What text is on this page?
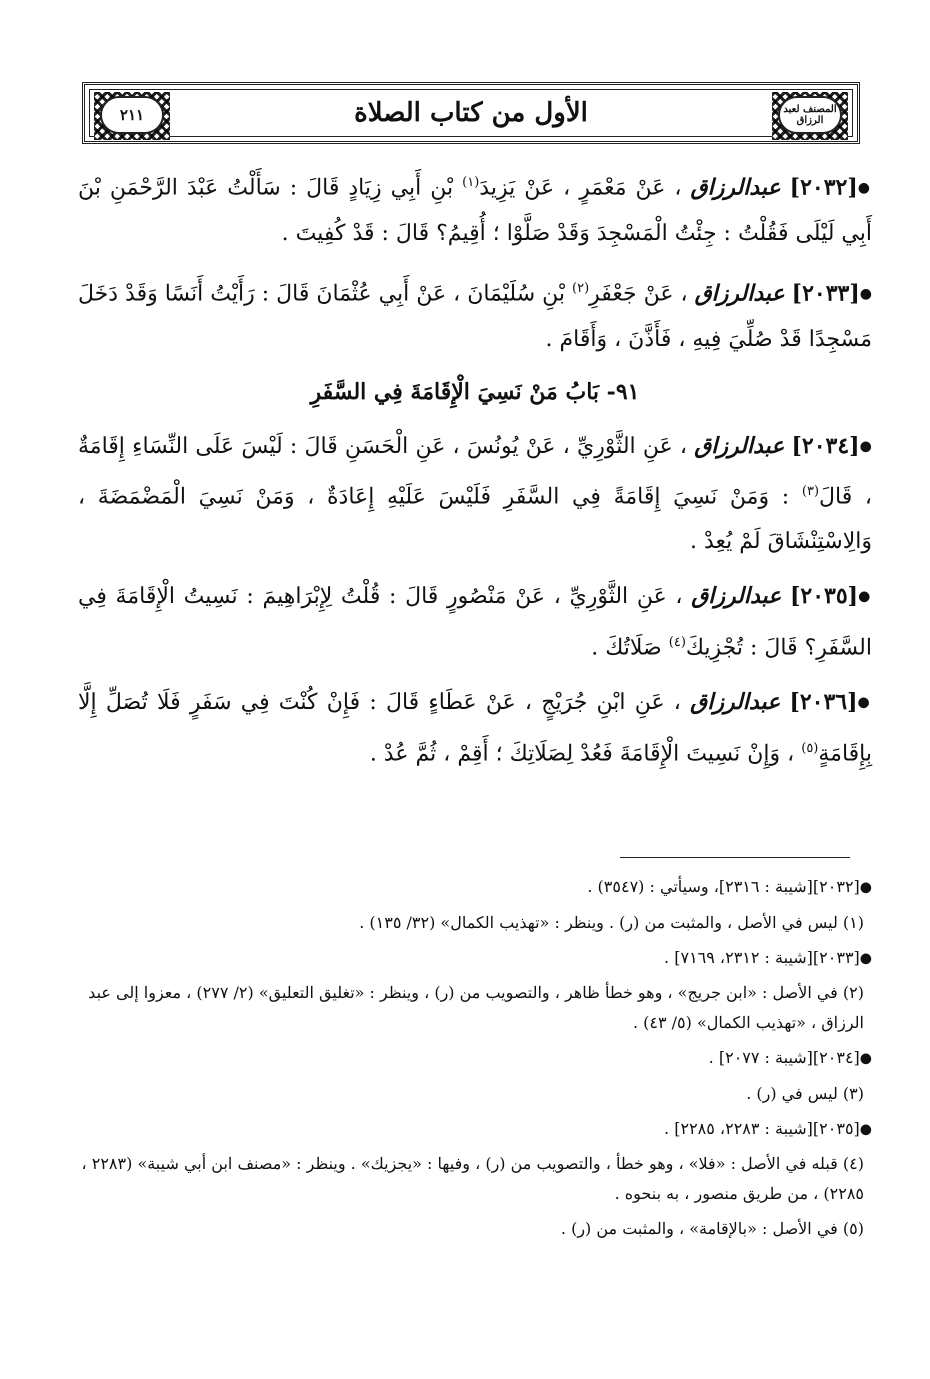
٢١١	المصنف لعبد الرزاق
الأول من كتاب الصلاة

●[٢٠٣٢] عبدالرزاق ، عَنْ مَعْمَرٍ ، عَنْ يَزِيدَ$^{(١)}$ بْنِ أَبِي زِيَادٍ قَالَ : سَأَلْتُ عَبْدَ الرَّحْمَنِ بْنَ أَبِي لَيْلَى فَقُلْتُ : جِئْتُ الْمَسْجِدَ وَقَدْ صَلَّوْا ؛ أُقِيمُ؟ قَالَ : قَدْ كُفِيتَ .

●[٢٠٣٣] عبدالرزاق ، عَنْ جَعْفَرِ$^{(٢)}$ بْنِ سُلَيْمَانَ ، عَنْ أَبِي عُثْمَانَ قَالَ : رَأَيْتُ أَنَسًا وَقَدْ دَخَلَ مَسْجِدًا قَدْ صُلِّيَ فِيهِ ، فَأَذَّنَ ، وَأَقَامَ .

٩١- بَابُ مَنْ نَسِيَ الْإِقَامَةَ فِي السَّفَرِ

●[٢٠٣٤] عبدالرزاق ، عَنِ الثَّوْرِيِّ ، عَنْ يُونُسَ ، عَنِ الْحَسَنِ قَالَ : لَيْسَ عَلَى النِّسَاءِ إِقَامَةٌ ، قَالَ$^{(٣)}$ : وَمَنْ نَسِيَ إِقَامَةً فِي السَّفَرِ فَلَيْسَ عَلَيْهِ إِعَادَةٌ ، وَمَنْ نَسِيَ الْمَضْمَضَةَ ، وَالِاسْتِنْشَاقَ لَمْ يُعِدْ .

●[٢٠٣٥] عبدالرزاق ، عَنِ الثَّوْرِيِّ ، عَنْ مَنْصُورٍ قَالَ : قُلْتُ لِإِبْرَاهِيمَ : نَسِيتُ الْإِقَامَةَ فِي السَّفَرِ؟ قَالَ : تُجْزِيكَ$^{(٤)}$ صَلَاتُكَ .

●[٢٠٣٦] عبدالرزاق ، عَنِ ابْنِ جُرَيْجٍ ، عَنْ عَطَاءٍ قَالَ : فَإِنْ كُنْتَ فِي سَفَرٍ فَلَا تُصَلِّ إِلَّا بِإِقَامَةٍ$^{(٥)}$ ، وَإِنْ نَسِيتَ الْإِقَامَةَ فَعُدْ لِصَلَاتِكَ ؛ أَقِمْ ، ثُمَّ عُدْ .

●[٢٠٣٢][شيبة : ٢٣١٦]، وسيأتي : (٣٥٤٧) .
(١) ليس في الأصل ، والمثبت من (ر) . وينظر : «تهذيب الكمال» (٣٢/ ١٣٥) .
●[٢٠٣٣][شيبة : ٢٣١٢، ٧١٦٩] .
(٢) في الأصل : «ابن جريج» ، وهو خطأ ظاهر ، والتصويب من (ر) ، وينظر : «تغليق التعليق» (٢/ ٢٧٧) ، معزوا إلى عبد الرزاق ، «تهذيب الكمال» (٥/ ٤٣) .
●[٢٠٣٤][شيبة : ٢٠٧٧] .
(٣) ليس في (ر) .
●[٢٠٣٥][شيبة : ٢٢٨٣، ٢٢٨٥] .
(٤) قبله في الأصل : «فلا» ، وهو خطأ ، والتصويب من (ر) ، وفيها : «يجزيك» . وينظر : «مصنف ابن أبي شيبة» (٢٢٨٣ ، ٢٢٨٥) ، من طريق منصور ، به بنحوه .
(٥) في الأصل : «بالإقامة» ، والمثبت من (ر) .
